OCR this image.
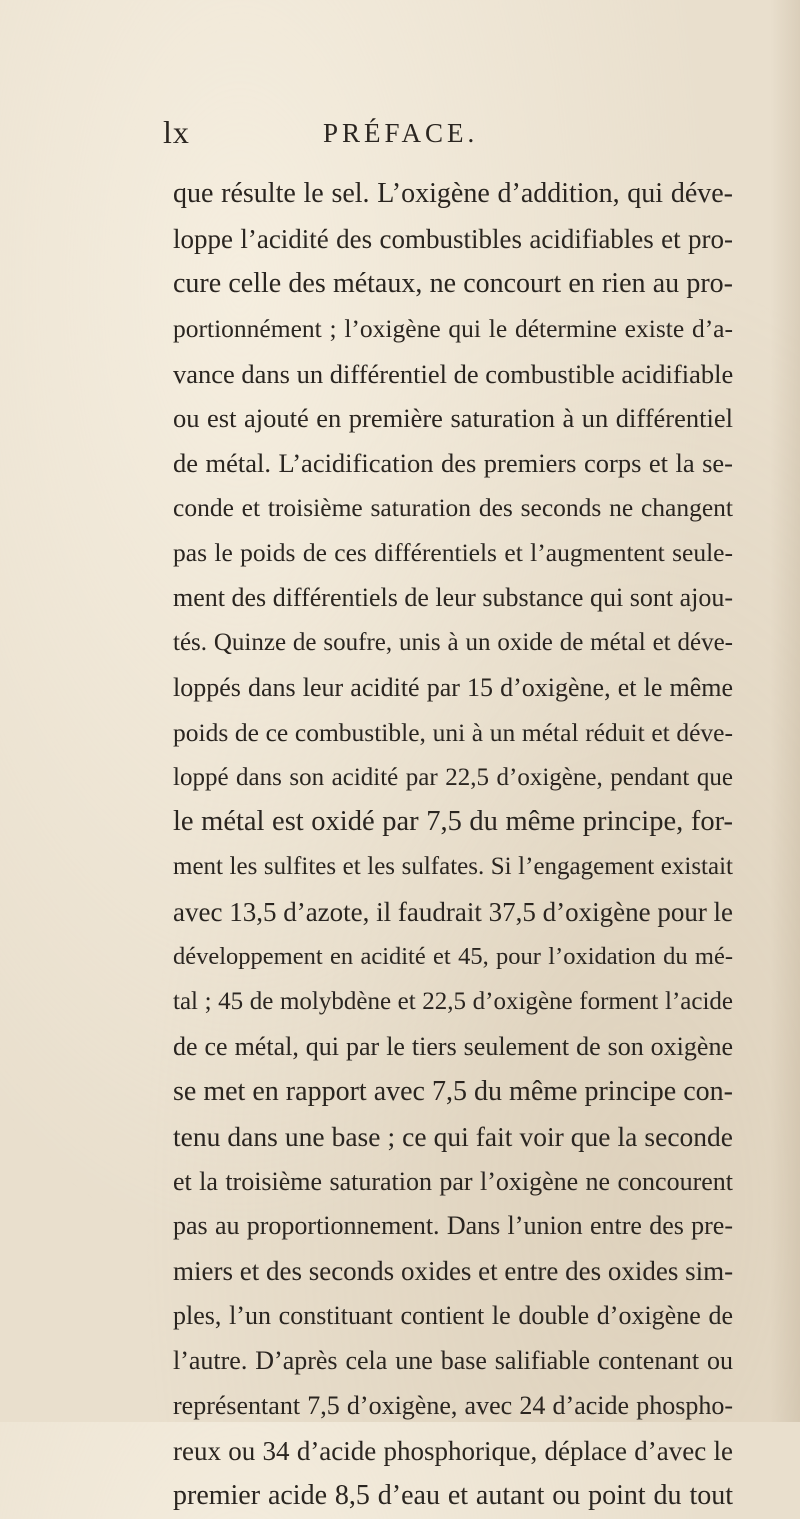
lx	PRÉFACE.
que résulte le sel. L’oxigène d’addition, qui déve-
loppe l’acidité des combustibles acidifiables et pro-
cure celle des métaux, ne concourt en rien au pro-
portionnément ; l’oxigène qui le détermine existe d’a-
vance dans un différentiel de combustible acidifiable
ou est ajouté en première saturation à un différentiel
de métal. L’acidification des premiers corps et la se-
conde et troisième saturation des seconds ne changent
pas le poids de ces différentiels et l’augmentent seule-
ment des différentiels de leur substance qui sont ajou-
tés. Quinze de soufre, unis à un oxide de métal et déve-
loppés dans leur acidité par 15 d’oxigène, et le même
poids de ce combustible, uni à un métal réduit et déve-
loppé dans son acidité par 22,5 d’oxigène, pendant que
le métal est oxidé par 7,5 du même principe, for-
ment les sulfites et les sulfates. Si l’engagement existait
avec 13,5 d’azote, il faudrait 37,5 d’oxigène pour le
développement en acidité et 45, pour l’oxidation du mé-
tal ; 45 de molybdène et 22,5 d’oxigène forment l’acide
de ce métal, qui par le tiers seulement de son oxigène
se met en rapport avec 7,5 du même principe con-
tenu dans une base ; ce qui fait voir que la seconde
et la troisième saturation par l’oxigène ne concourent
pas au proportionnement. Dans l’union entre des pre-
miers et des seconds oxides et entre des oxides sim-
ples, l’un constituant contient le double d’oxigène de
l’autre. D’après cela une base salifiable contenant ou
représentant 7,5 d’oxigène, avec 24 d’acide phospho-
reux ou 34 d’acide phosphorique, déplace d’avec le
premier acide 8,5 d’eau et autant ou point du tout
